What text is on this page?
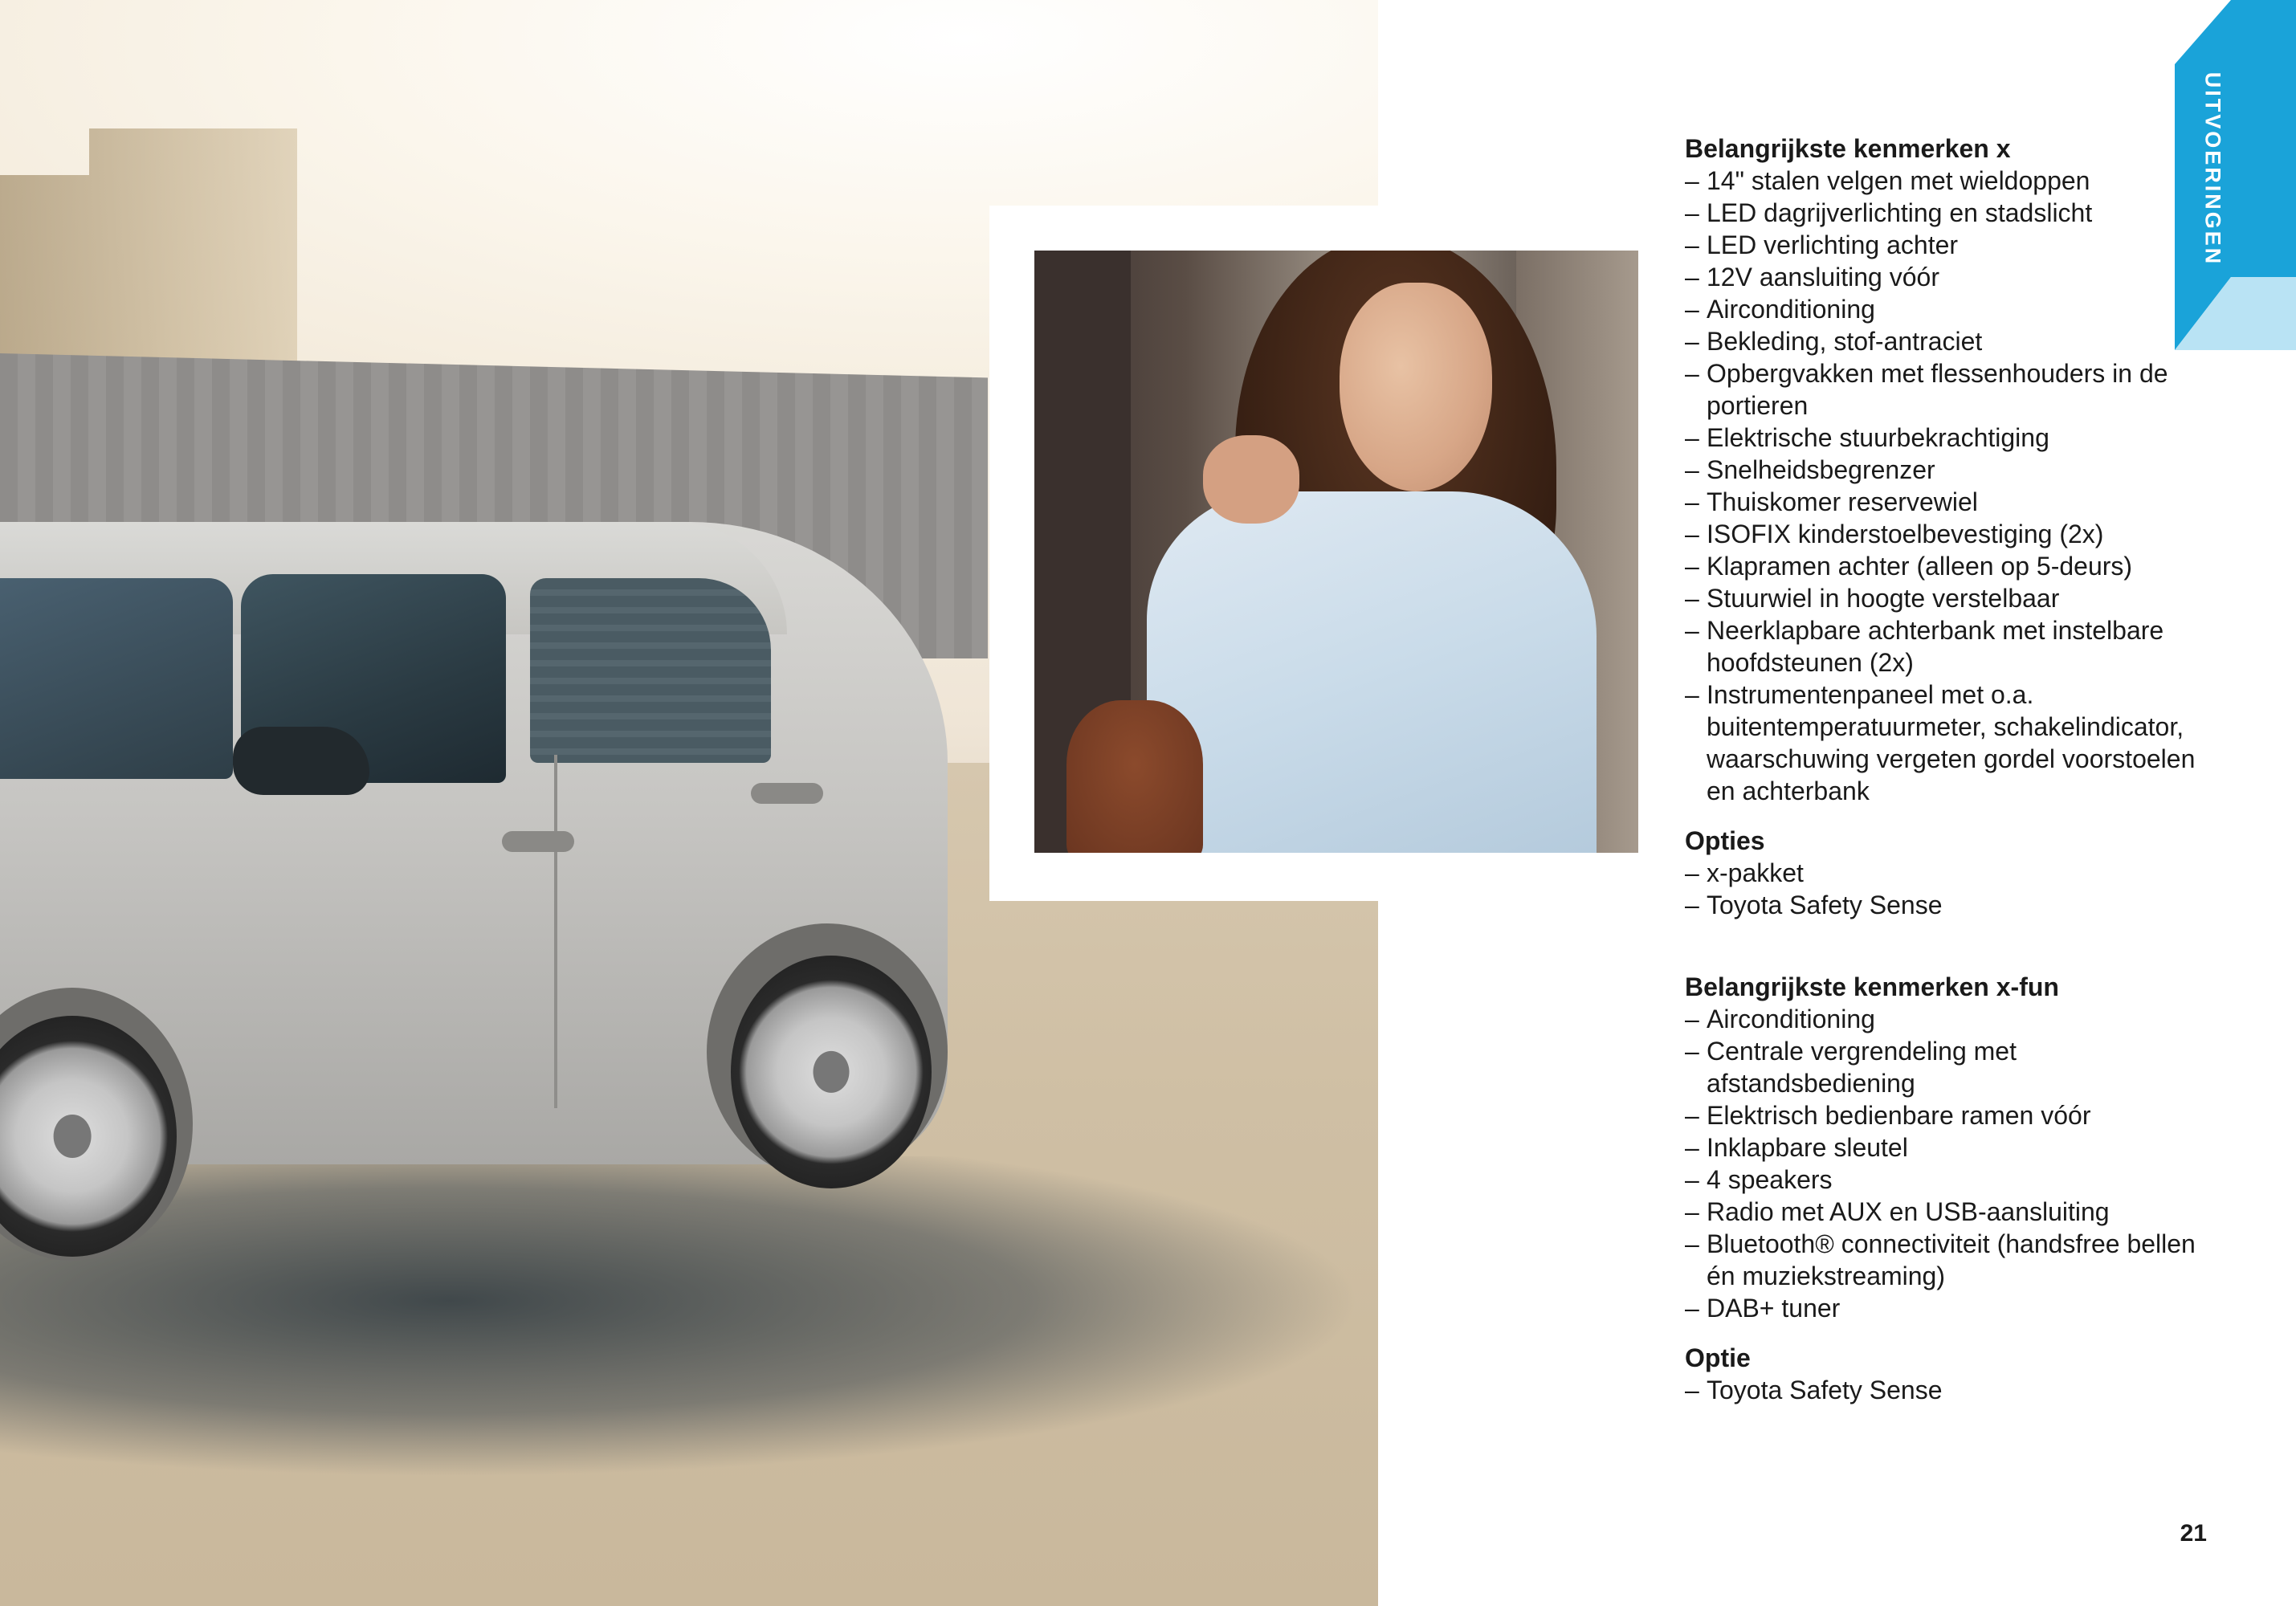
UITVOERINGEN

Belangrijkste kenmerken x

– 14" stalen velgen met wieldoppen
– LED dagrijverlichting en stadslicht
– LED verlichting achter
– 12V aansluiting vóór
– Airconditioning
– Bekleding, stof-antraciet
– Opbergvakken met flessenhouders in de portieren
– Elektrische stuurbekrachtiging
– Snelheidsbegrenzer
– Thuiskomer reservewiel
– ISOFIX kinderstoelbevestiging (2x)
– Klapramen achter (alleen op 5-deurs)
– Stuurwiel in hoogte verstelbaar
– Neerklapbare achterbank met instelbare hoofdsteunen (2x)
– Instrumentenpaneel met o.a. buitentemperatuurmeter, schakelindicator, waarschuwing vergeten gordel voorstoelen en achterbank

Opties

– x-pakket
– Toyota Safety Sense

Belangrijkste kenmerken x-fun

– Airconditioning
– Centrale vergrendeling met afstandsbediening
– Elektrisch bedienbare ramen vóór
– Inklapbare sleutel
– 4 speakers
– Radio met AUX en USB-aansluiting
– Bluetooth® connectiviteit (handsfree bellen én muziekstreaming)
– DAB+ tuner

Optie

– Toyota Safety Sense
21
